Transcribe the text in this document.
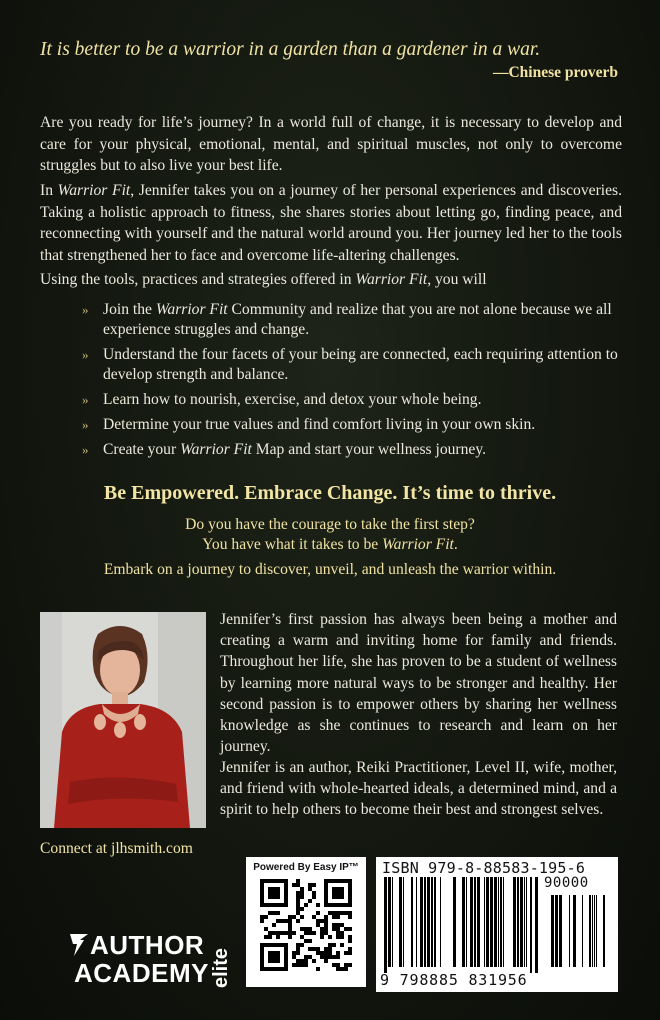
It is better to be a warrior in a garden than a gardener in a war.
—Chinese proverb
Are you ready for life’s journey? In a world full of change, it is necessary to develop and care for your physical, emotional, mental, and spiritual muscles, not only to overcome struggles but to also live your best life.
In Warrior Fit, Jennifer takes you on a journey of her personal experiences and discoveries. Taking a holistic approach to fitness, she shares stories about letting go, finding peace, and reconnecting with yourself and the natural world around you. Her journey led her to the tools that strengthened her to face and overcome life-altering challenges.
Using the tools, practices and strategies offered in Warrior Fit, you will
» Join the Warrior Fit Community and realize that you are not alone because we all experience struggles and change.
» Understand the four facets of your being are connected, each requiring attention to develop strength and balance.
» Learn how to nourish, exercise, and detox your whole being.
» Determine your true values and find comfort living in your own skin.
» Create your Warrior Fit Map and start your wellness journey.
Be Empowered. Embrace Change. It’s time to thrive.
Do you have the courage to take the first step?
You have what it takes to be Warrior Fit.
Embark on a journey to discover, unveil, and unleash the warrior within.
Jennifer’s first passion has always been being a mother and creating a warm and inviting home for family and friends. Throughout her life, she has proven to be a student of wellness by learning more natural ways to be stronger and healthy. Her second passion is to empower others by sharing her wellness knowledge as she continues to research and learn on her journey.
Jennifer is an author, Reiki Practitioner, Level II, wife, mother, and friend with whole-hearted ideals, a determined mind, and a spirit to help others to become their best and strongest selves.
Connect at jlhsmith.com
AUTHOR
ACADEMY elite
Powered By Easy IP™	ISBN 979-8-88583-195-6
90000
9 798885 831956
